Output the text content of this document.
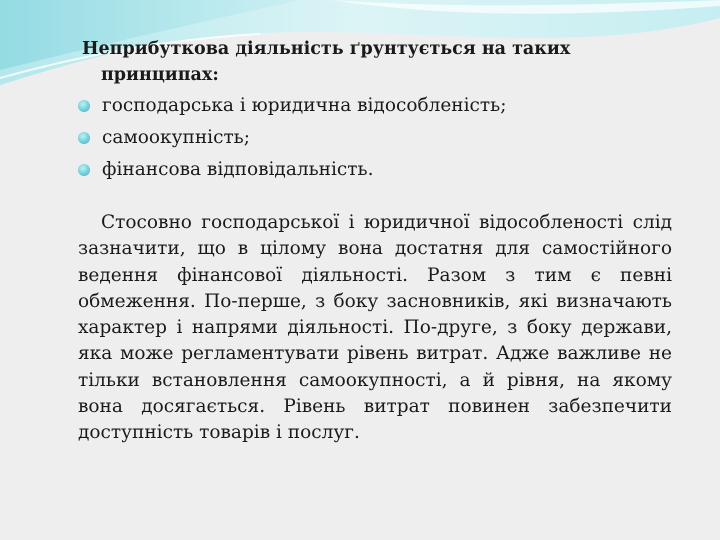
Неприбуткова діяльність ґрунтується на таких
принципах:

господарська і юридична відособленість;
самоокупність;
фінансова відповідальність.

Стосовно господарської і юридичної відособленості слід зазначити, що в цілому вона достатня для самостійного ведення фінансової діяльності. Разом з тим є певні обмеження. По-перше, з боку засновників, які визначають характер і напрями діяльності. По-друге, з боку держави, яка може регламентувати рівень витрат. Адже важливе не тільки встановлення самоокупності, а й рівня, на якому вона досягається. Рівень витрат повинен забезпечити доступність товарів і послуг.
